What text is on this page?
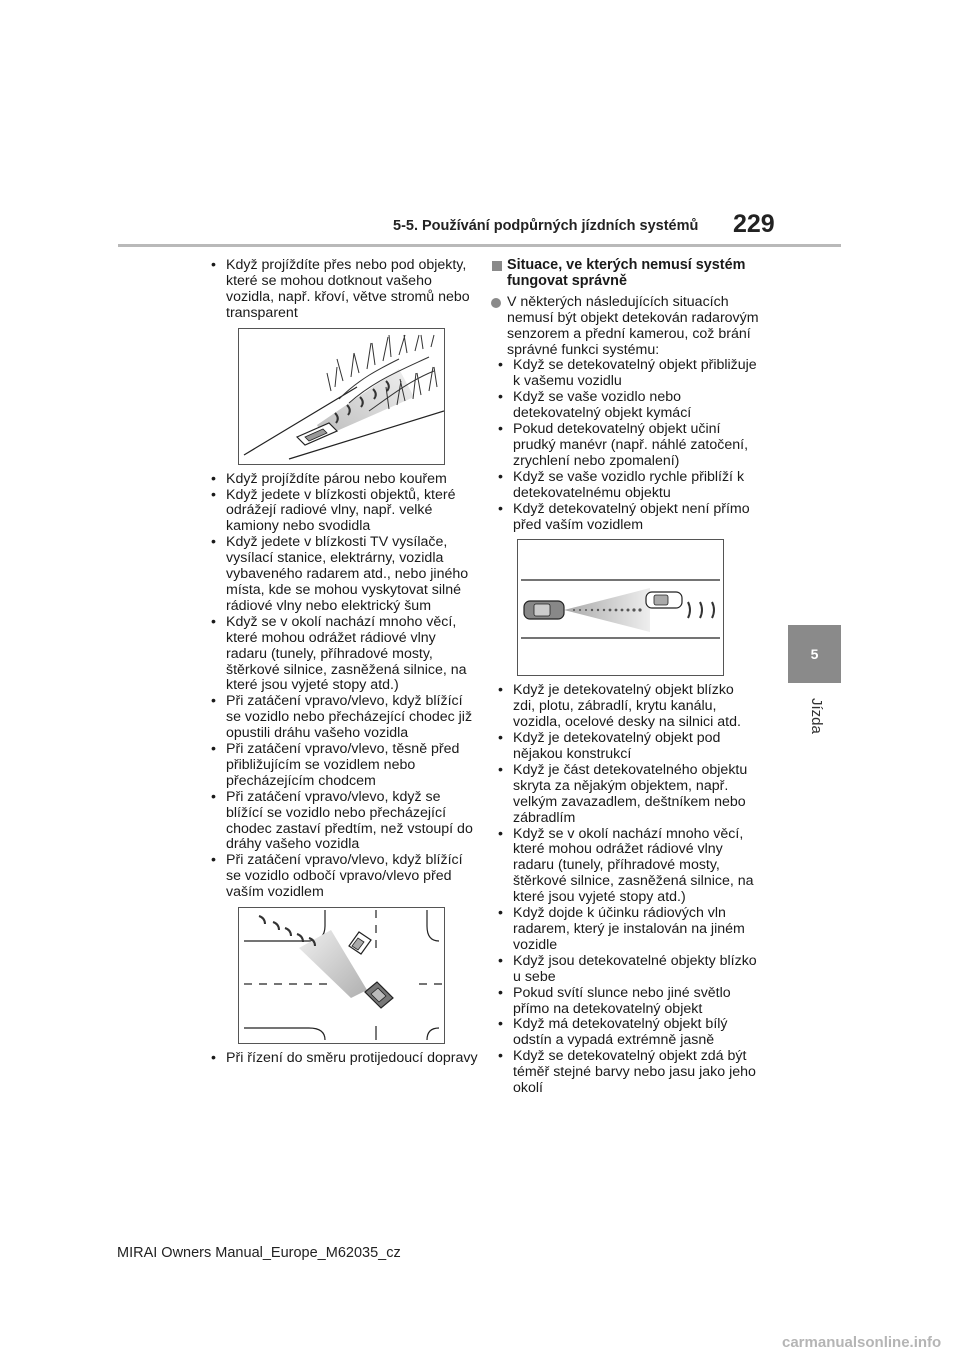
5-5. Používání podpůrných jízdních systémů 229
5
Jízda
• Když projíždíte přes nebo pod objekty, které se mohou dotknout vašeho vozidla, např. křoví, větve stromů nebo transparent
• Když projíždíte párou nebo kouřem
• Když jedete v blízkosti objektů, které odrážejí radiové vlny, např. velké kamiony nebo svodidla
• Když jedete v blízkosti TV vysílače, vysílací stanice, elektrárny, vozidla vybaveného radarem atd., nebo jiného místa, kde se mohou vyskytovat silné rádiové vlny nebo elektrický šum
• Když se v okolí nachází mnoho věcí, které mohou odrážet rádiové vlny radaru (tunely, příhradové mosty, štěrkové silnice, zasněžená silnice, na které jsou vyjeté stopy atd.)
• Při zatáčení vpravo/vlevo, když blížící se vozidlo nebo přecházející chodec již opustili dráhu vašeho vozidla
• Při zatáčení vpravo/vlevo, těsně před přibližujícím se vozidlem nebo přecházejícím chodcem
• Při zatáčení vpravo/vlevo, když se blížící se vozidlo nebo přecházející chodec zastaví předtím, než vstoupí do dráhy vašeho vozidla
• Při zatáčení vpravo/vlevo, když blížící se vozidlo odbočí vpravo/vlevo před vaším vozidlem
• Při řízení do směru protijedoucí dopravy
Situace, ve kterých nemusí systém fungovat správně
V některých následujících situacích nemusí být objekt detekován radarovým senzorem a přední kamerou, což brání správné funkci systému:
• Když se detekovatelný objekt přibližuje k vašemu vozidlu
• Když se vaše vozidlo nebo detekovatelný objekt kymácí
• Pokud detekovatelný objekt učiní prudký manévr (např. náhlé zatočení, zrychlení nebo zpomalení)
• Když se vaše vozidlo rychle přiblíží k detekovatelnému objektu
• Když detekovatelný objekt není přímo před vaším vozidlem
• Když je detekovatelný objekt blízko zdi, plotu, zábradlí, krytu kanálu, vozidla, ocelové desky na silnici atd.
• Když je detekovatelný objekt pod nějakou konstrukcí
• Když je část detekovatelného objektu skryta za nějakým objektem, např. velkým zavazadlem, deštníkem nebo zábradlím
• Když se v okolí nachází mnoho věcí, které mohou odrážet rádiové vlny radaru (tunely, příhradové mosty, štěrkové silnice, zasněžená silnice, na které jsou vyjeté stopy atd.)
• Když dojde k účinku rádiových vln radarem, který je instalován na jiném vozidle
• Když jsou detekovatelné objekty blízko u sebe
• Pokud svítí slunce nebo jiné světlo přímo na detekovatelný objekt
• Když má detekovatelný objekt bílý odstín a vypadá extrémně jasně
• Když se detekovatelný objekt zdá být téměř stejné barvy nebo jasu jako jeho okolí
MIRAI Owners Manual_Europe_M62035_cz
carmanualsonline.info
